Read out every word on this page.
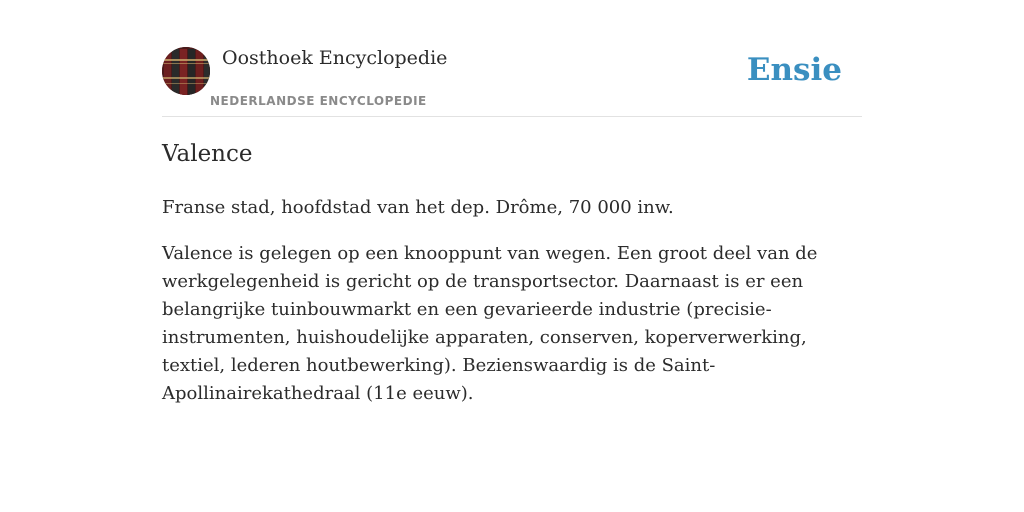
Oosthoek Encyclopedie
NEDERLANDSE ENCYCLOPEDIE
Ensie
Valence

Franse stad, hoofdstad van het dep. Drôme, 70 000 inw.

Valence is gelegen op een knooppunt van wegen. Een groot deel van de werkgelegenheid is gericht op de transportsector. Daarnaast is er een belangrijke tuinbouwmarkt en een gevarieerde industrie (precisie-instrumenten, huishoudelijke apparaten, conserven, koperverwerking, textiel, lederen houtbewerking). Bezienswaardig is de Saint-Apollinairekathedraal (11e eeuw).
